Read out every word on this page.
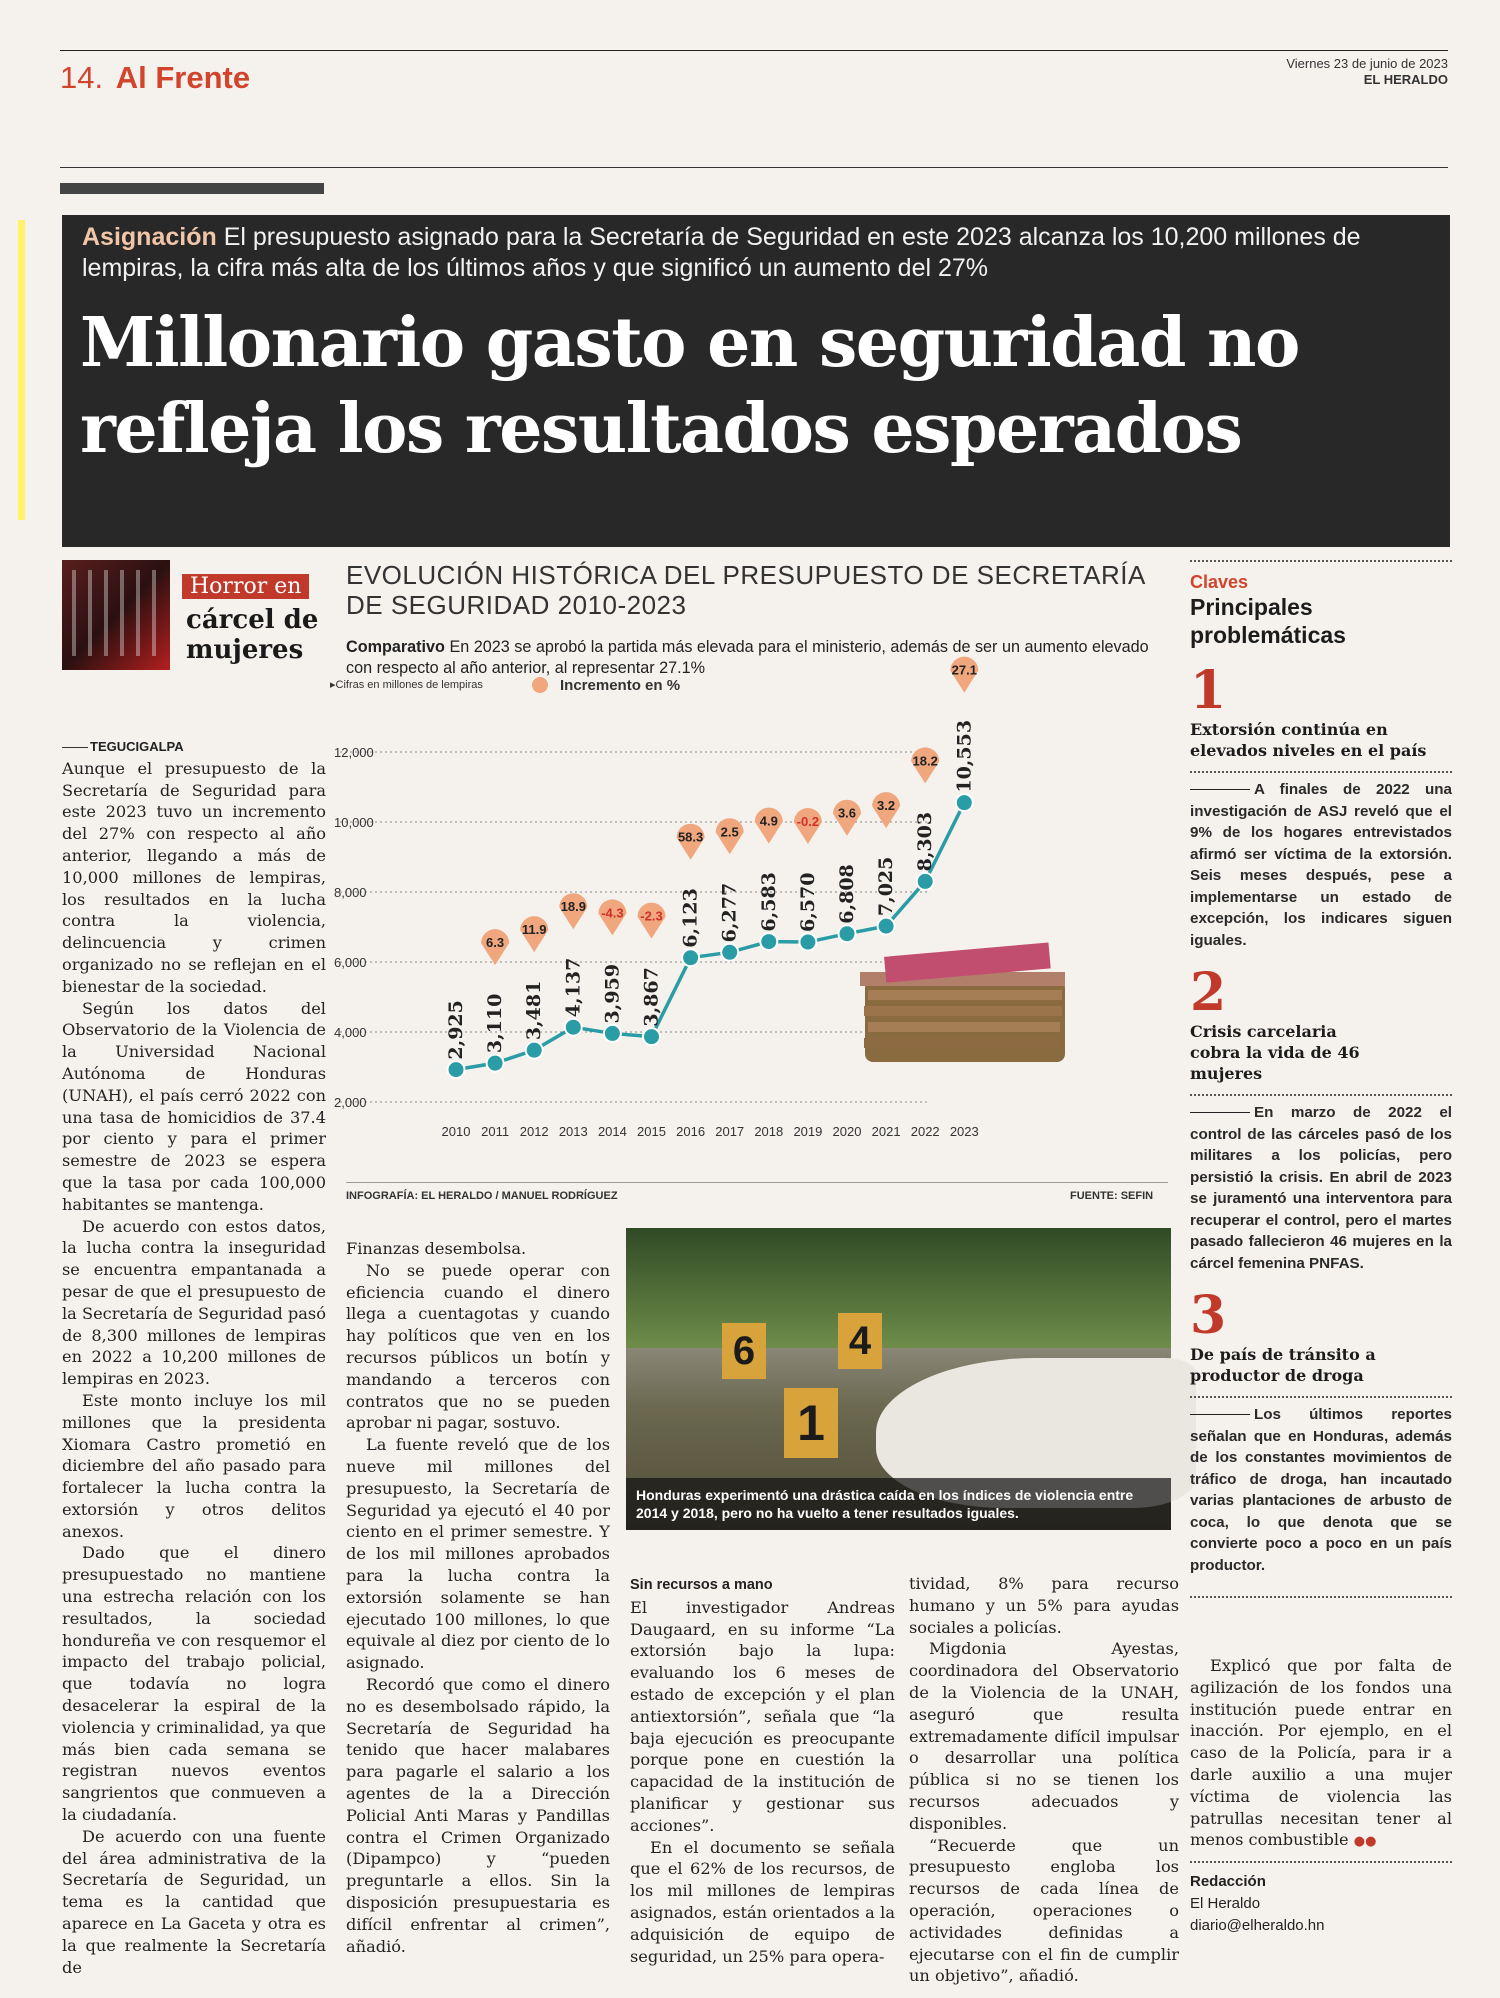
14. Al Frente	Viernes 23 de junio de 2023
EL HERALDO
Asignación El presupuesto asignado para la Secretaría de Seguridad en este 2023 alcanza los 10,200 millones de lempiras, la cifra más alta de los últimos años y que significó un aumento del 27%
Millonario gasto en seguridad no
refleja los resultados esperados
Horror en
cárcel de
mujeres

TEGUCIGALPA

Aunque el presupuesto de la Secretaría de Seguridad para este 2023 tuvo un incremento del 27% con respecto al año anterior, llegando a más de 10,000 millones de lempiras, los resultados en la lucha contra la violencia, delincuencia y crimen organizado no se reflejan en el bienestar de la sociedad.

Según los datos del Observatorio de la Violencia de la Universidad Nacional Autónoma de Honduras (UNAH), el país cerró 2022 con una tasa de homicidios de 37.4 por ciento y para el primer semestre de 2023 se espera que la tasa por cada 100,000 habitantes se mantenga.

De acuerdo con estos datos, la lucha contra la inseguridad se encuentra empantanada a pesar de que el presupuesto de la Secretaría de Seguridad pasó de 8,300 millones de lempiras en 2022 a 10,200 millones de lempiras en 2023.

Este monto incluye los mil millones que la presidenta Xiomara Castro prometió en diciembre del año pasado para fortalecer la lucha contra la extorsión y otros delitos anexos.

Dado que el dinero presupuestado no mantiene una estrecha relación con los resultados, la sociedad hondureña ve con resquemor el impacto del trabajo policial, que todavía no logra desacelerar la espiral de la violencia y criminalidad, ya que más bien cada semana se registran nuevos eventos sangrientos que conmueven a la ciudadanía.

De acuerdo con una fuente del área administrativa de la Secretaría de Seguridad, un tema es la cantidad que aparece en La Gaceta y otra es la que realmente la Secretaría de

EVOLUCIÓN HISTÓRICA DEL PRESUPUESTO DE SECRETARÍA DE SEGURIDAD 2010-2023
Comparativo En 2023 se aprobó la partida más elevada para el ministerio, además de ser un aumento elevado con respecto al año anterior, al representar 27.1%
2,925 3,110 3,481 4,137 3,959 3,867
6,123 6,277 6,583 6,570 6,808 7,025
8,303
10,553
6.3
11.9
18.9 -4.3 -2.3
58.3 2.5
4.9 -0.2
3.6
3.2
18.2
27.1
2,000
4,000
6,000
8,000
10,000
12,000
▸Cifras en millones de lempiras	Incremento en %
2010 2011 2012 2013 2014 2015 2016 2017 2018 2019 2020 2021 2022 2023
INFOGRAFÍA: EL HERALDO / MANUEL RODRÍGUEZ	FUENTE: SEFIN

Finanzas desembolsa.

No se puede operar con eficiencia cuando el dinero llega a cuentagotas y cuando hay políticos que ven en los recursos públicos un botín y mandando a terceros con contratos que no se pueden aprobar ni pagar, sostuvo.

La fuente reveló que de los nueve mil millones del presupuesto, la Secretaría de Seguridad ya ejecutó el 40 por ciento en el primer semestre. Y de los mil millones aprobados para la lucha contra la extorsión solamente se han ejecutado 100 millones, lo que equivale al diez por ciento de lo asignado.

Recordó que como el dinero no es desembolsado rápido, la Secretaría de Seguridad ha tenido que hacer malabares para pagarle el salario a los agentes de la a Dirección Policial Anti Maras y Pandillas contra el Crimen Organizado (Dipampco) y “pueden preguntarle a ellos. Sin la disposición presupuestaria es difícil enfrentar al crimen”, añadió.

6 4
1
Honduras experimentó una drástica caída en los índices de violencia entre 2014 y 2018, pero no ha vuelto a tener resultados iguales.

Sin recursos a mano

El investigador Andreas Daugaard, en su informe “La extorsión bajo la lupa: evaluando los 6 meses de estado de excepción y el plan antiextorsión”, señala que “la baja ejecución es preocupante porque pone en cuestión la capacidad de la institución de planificar y gestionar sus acciones”.

En el documento se señala que el 62% de los recursos, de los mil millones de lempiras asignados, están orientados a la adquisición de equipo de seguridad, un 25% para opera-

tividad, 8% para recurso humano y un 5% para ayudas sociales a policías.

Migdonia Ayestas, coordinadora del Observatorio de la Violencia de la UNAH, aseguró que resulta extremadamente difícil impulsar o desarrollar una política pública si no se tienen los recursos adecuados y disponibles.

“Recuerde que un presupuesto engloba los recursos de cada línea de operación, operaciones o actividades definidas a ejecutarse con el fin de cumplir un objetivo”, añadió.

Claves
Principales problemáticas
1
Extorsión continúa en elevados niveles en el país
A finales de 2022 una investigación de ASJ reveló que el 9% de los hogares entrevistados afirmó ser víctima de la extorsión. Seis meses después, pese a implementarse un estado de excepción, los indicares siguen iguales.
2
Crisis carcelaria cobra la vida de 46 mujeres
En marzo de 2022 el control de las cárceles pasó de los militares a los policías, pero persistió la crisis. En abril de 2023 se juramentó una interventora para recuperar el control, pero el martes pasado fallecieron 46 mujeres en la cárcel femenina PNFAS.
3
De país de tránsito a productor de droga
Los últimos reportes señalan que en Honduras, además de los constantes movimientos de tráfico de droga, han incautado varias plantaciones de arbusto de coca, lo que denota que se convierte poco a poco en un país productor.

Explicó que por falta de agilización de los fondos una institución puede entrar en inacción. Por ejemplo, en el caso de la Policía, para ir a darle auxilio a una mujer víctima de violencia las patrullas necesitan tener al menos combustible ●●

Redacción
El Heraldo
diario@elheraldo.hn
